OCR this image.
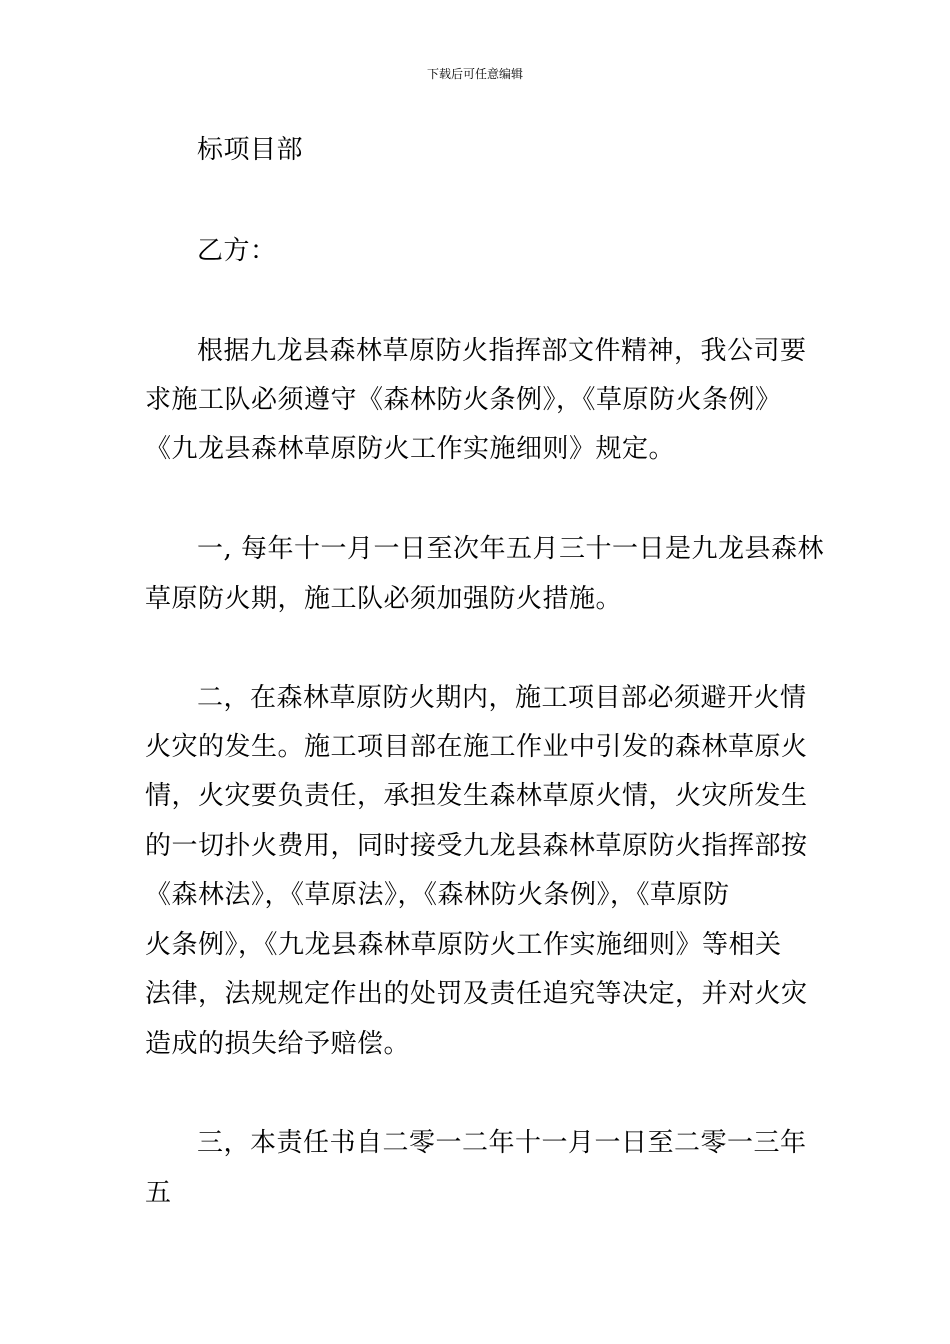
下载后可任意编辑
标项目部
乙方：
根据九龙县森林草原防火指挥部文件精神，我公司要
求施工队必须遵守《森林防火条例》，《草原防火条例》
《九龙县森林草原防火工作实施细则》规定。
一, 每年十一月一日至次年五月三十一日是九龙县森林
草原防火期，施工队必须加强防火措施。
二，在森林草原防火期内，施工项目部必须避开火情
火灾的发生。施工项目部在施工作业中引发的森林草原火
情，火灾要负责任，承担发生森林草原火情，火灾所发生
的一切扑火费用，同时接受九龙县森林草原防火指挥部按
《森林法》，《草原法》，《森林防火条例》，《草原防
火条例》，《九龙县森林草原防火工作实施细则》等相关
法律，法规规定作出的处罚及责任追究等决定，并对火灾
造成的损失给予赔偿。
三，本责任书自二零一二年十一月一日至二零一三年
五
